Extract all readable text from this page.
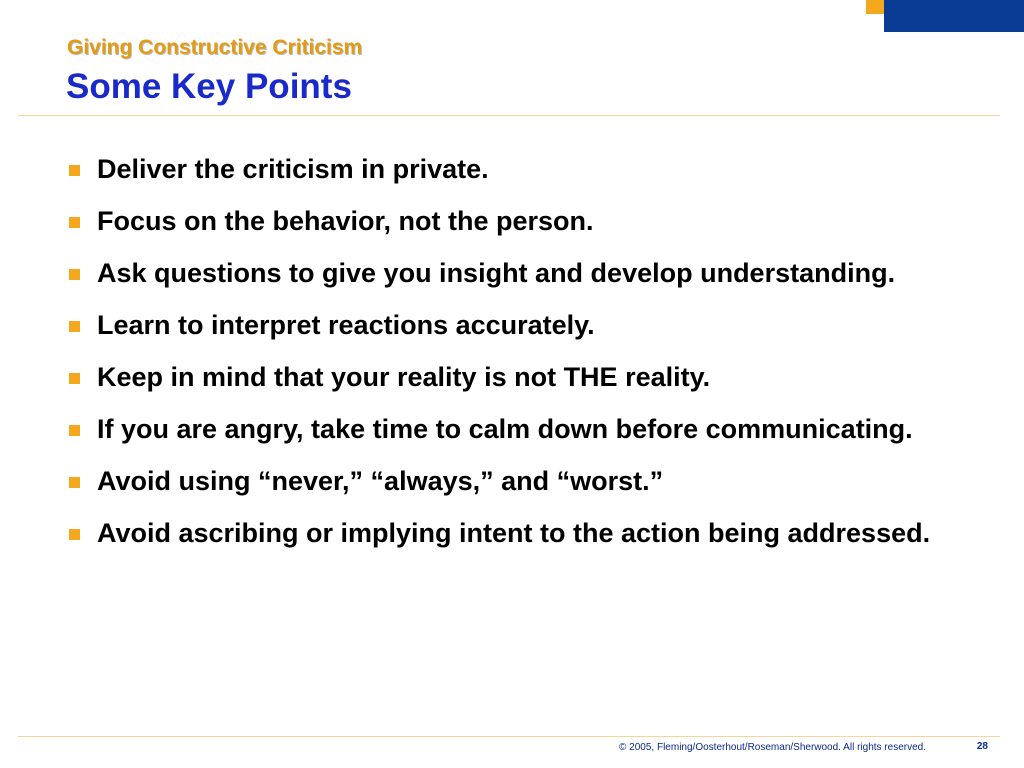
Giving Constructive Criticism
Some Key Points
Deliver the criticism in private.
Focus on the behavior, not the person.
Ask questions to give you insight and develop understanding.
Learn to interpret reactions accurately.
Keep in mind that your reality is not THE reality.
If you are angry, take time to calm down before communicating.
Avoid using “never,” “always,” and “worst.”
Avoid ascribing or implying intent to the action being addressed.
© 2005, Fleming/Oosterhout/Roseman/Sherwood. All rights reserved.	28
